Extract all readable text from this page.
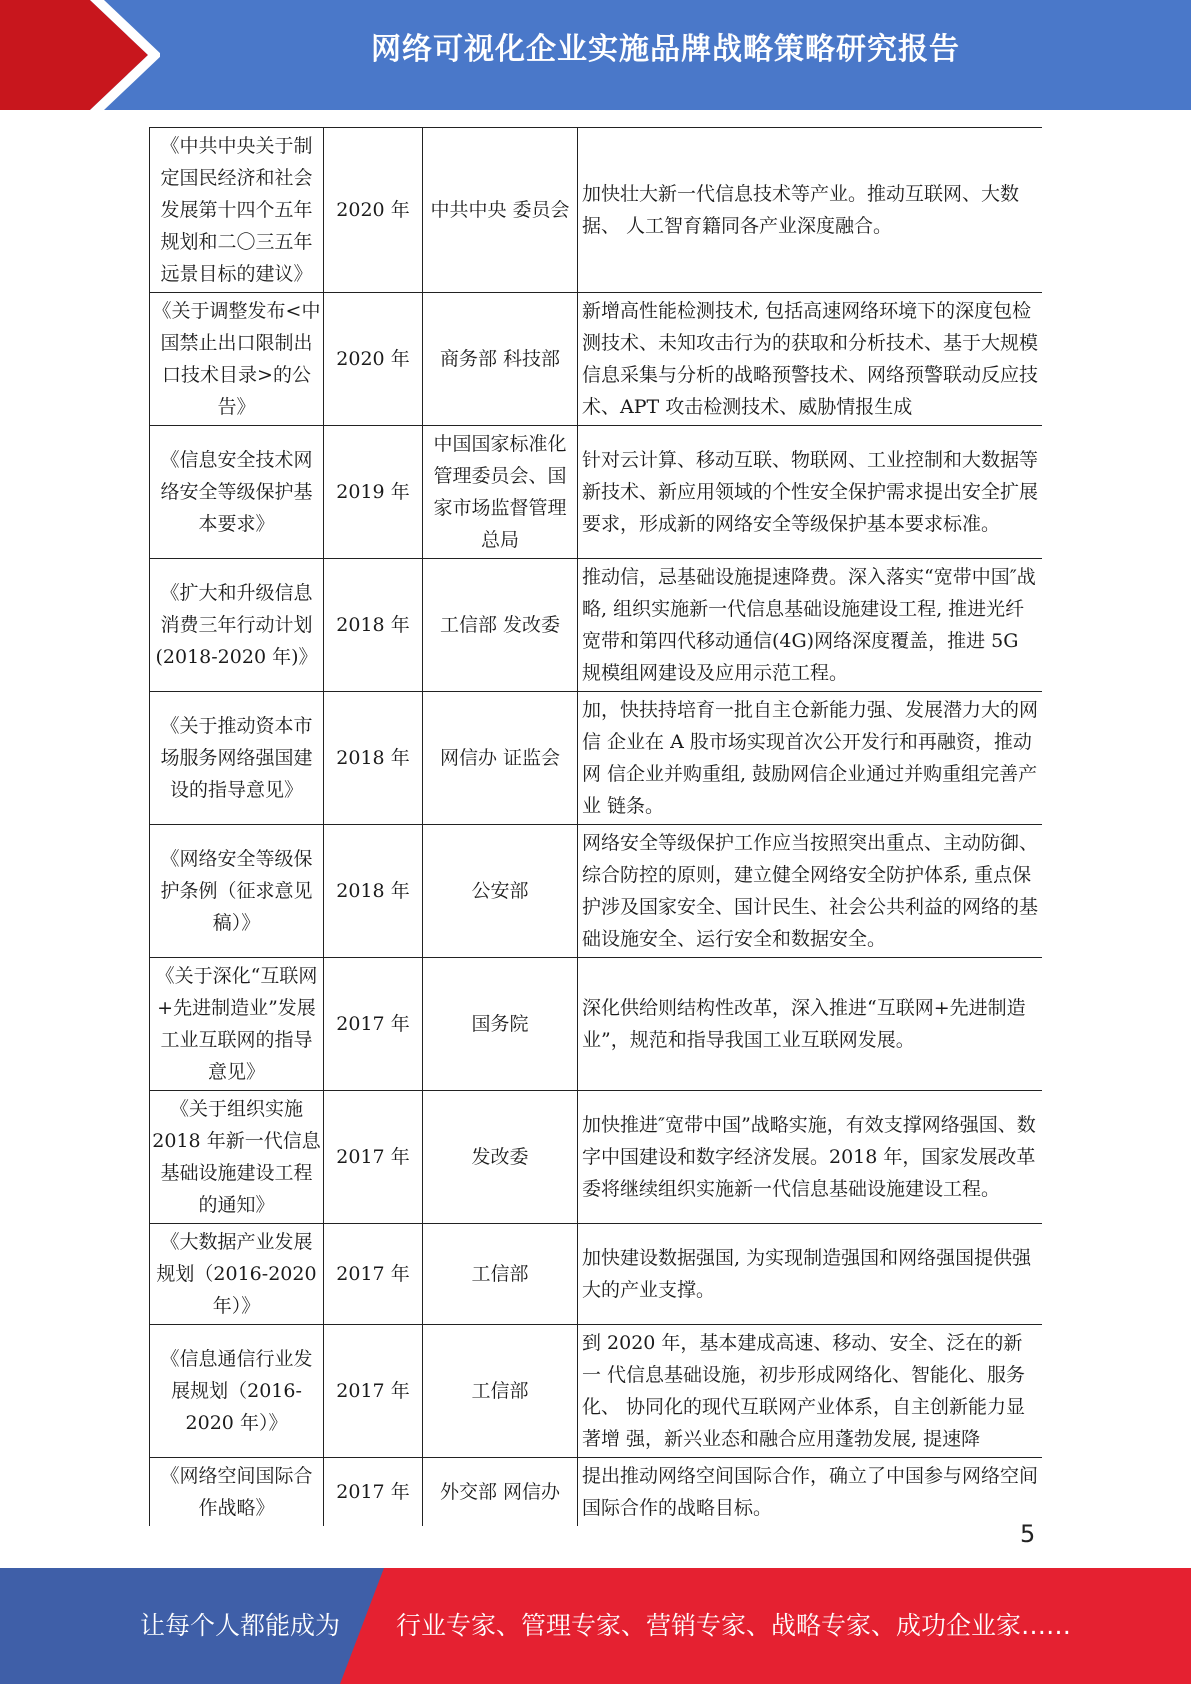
网络可视化企业实施品牌战略策略研究报告
《中共中央关于制定国民经济和社会发展第十四个五年规划和二〇三五年远景目标的建议》	2020 年	中共中央 委员会	加快壮大新一代信息技术等产业。推动互联网、大数据、 人工智育籍同各产业深度融合。
《关于调整发布<中国禁止出口限制出口技术目录>的公告》	2020 年	商务部 科技部	新增高性能检测技术, 包括高速网络环境下的深度包检 测技术、未知攻击行为的获取和分析技术、基于大规模 信息采集与分析的战略预警技术、网络预警联动反应技 术、APT 攻击检测技术、威胁情报生成
《信息安全技术网络安全等级保护基本要求》	2019 年	中国国家标准化管理委员会、国家市场监督管理总局	针对云计算、移动互联、物联网、工业控制和大数据等 新技术、新应用领域的个性安全保护需求提出安全扩展 要求，形成新的网络安全等级保护基本要求标准。
《扩大和升级信息消费三年行动计划(2018-2020 年)》	2018 年	工信部 发改委	推动信，忌基础设施提速降费。深入落实“宽带中国″战 略, 组织实施新一代信息基础设施建设工程, 推进光纤 宽带和第四代移动通信(4G)网络深度覆盖，推进 5G 规模组网建设及应用示范工程。
《关于推动资本市场服务网络强国建设的指导意见》	2018 年	网信办 证监会	加，快扶持培育一批自主仓新能力强、发展潜力大的网信 企业在 A 股市场实现首次公开发行和再融资，推动网 信企业并购重组, 鼓励网信企业通过并购重组完善产业 链条。
《网络安全等级保护条例（征求意见稿）》	2018 年	公安部	网络安全等级保护工作应当按照突出重点、主动防御、 综合防控的原则，建立健全网络安全防护体系, 重点保 护涉及国家安全、国计民生、社会公共利益的网络的基 础设施安全、运行安全和数据安全。
《关于深化“互联网+先进制造业”发展工业互联网的指导意见》	2017 年	国务院	深化供给则结构性改革，深入推进“互联网+先进制造 业”，规范和指导我国工业互联网发展。
《关于组织实施 2018 年新一代信息基础设施建设工程的通知》	2017 年	发改委	加快推进″宽带中国”战略实施，有效支撑网络强国、数字中国建设和数字经济发展。2018 年，国家发展改革委将继续组织实施新一代信息基础设施建设工程。
《大数据产业发展规划（2016-2020 年）》	2017 年	工信部	加快建设数据强国, 为实现制造强国和网络强国提供强 大的产业支撑。
《信息通信行业发展规划（2016-2020 年）》	2017 年	工信部	到 2020 年，基本建成高速、移动、安全、泛在的新一 代信息基础设施，初步形成网络化、智能化、服务化、 协同化的现代互联网产业体系，自主创新能力显著增 强，新兴业态和融合应用蓬勃发展, 提速降
《网络空间国际合作战略》	2017 年	外交部 网信办	提出推动网络空间国际合作，确立了中国参与网络空间 国际合作的战略目标。
5
让每个人都能成为 行业专家、管理专家、营销专家、战略专家、成功企业家……
